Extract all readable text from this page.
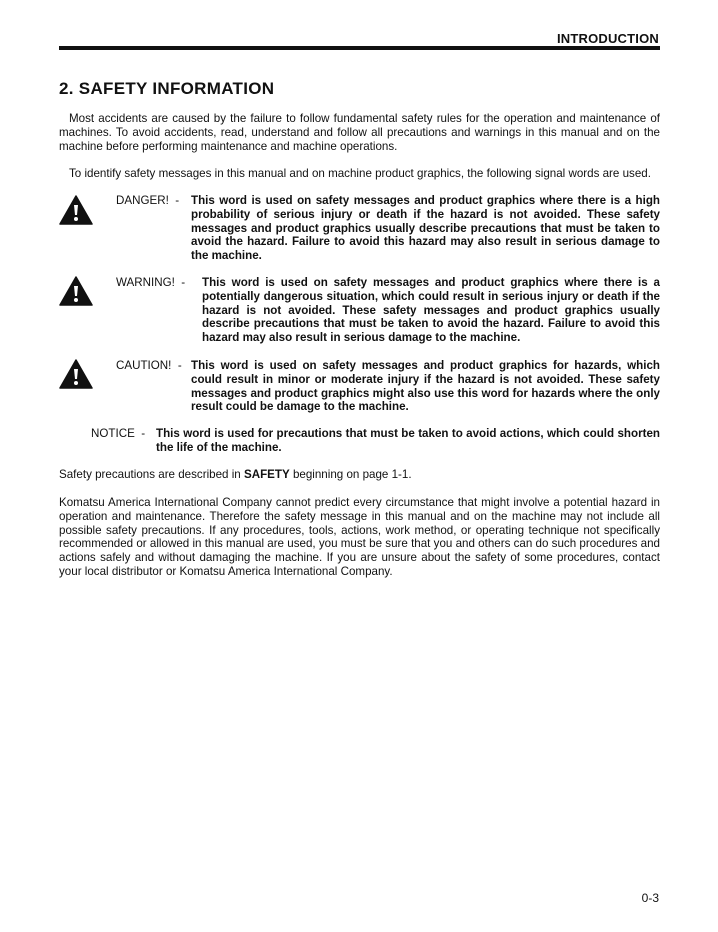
INTRODUCTION
2. SAFETY INFORMATION
Most accidents are caused by the failure to follow fundamental safety rules for the operation and maintenance of machines. To avoid accidents, read, understand and follow all precautions and warnings in this manual and on the machine before performing maintenance and machine operations.
To identify safety messages in this manual and on machine product graphics, the following signal words are used.
DANGER! - This word is used on safety messages and product graphics where there is a high probability of serious injury or death if the hazard is not avoided. These safety messages and product graphics usually describe precautions that must be taken to avoid the hazard. Failure to avoid this hazard may also result in serious damage to the machine.
WARNING! - This word is used on safety messages and product graphics where there is a potentially dangerous situation, which could result in serious injury or death if the hazard is not avoided. These safety messages and product graphics usually describe precautions that must be taken to avoid the hazard. Failure to avoid this hazard may also result in serious damage to the machine.
CAUTION! - This word is used on safety messages and product graphics for hazards, which could result in minor or moderate injury if the hazard is not avoided. These safety messages and product graphics might also use this word for hazards where the only result could be damage to the machine.
NOTICE - This word is used for precautions that must be taken to avoid actions, which could shorten the life of the machine.
Safety precautions are described in SAFETY beginning on page 1-1.
Komatsu America International Company cannot predict every circumstance that might involve a potential hazard in operation and maintenance. Therefore the safety message in this manual and on the machine may not include all possible safety precautions. If any procedures, tools, actions, work method, or operating technique not specifically recommended or allowed in this manual are used, you must be sure that you and others can do such procedures and actions safely and without damaging the machine. If you are unsure about the safety of some procedures, contact your local distributor or Komatsu America International Company.
0-3
